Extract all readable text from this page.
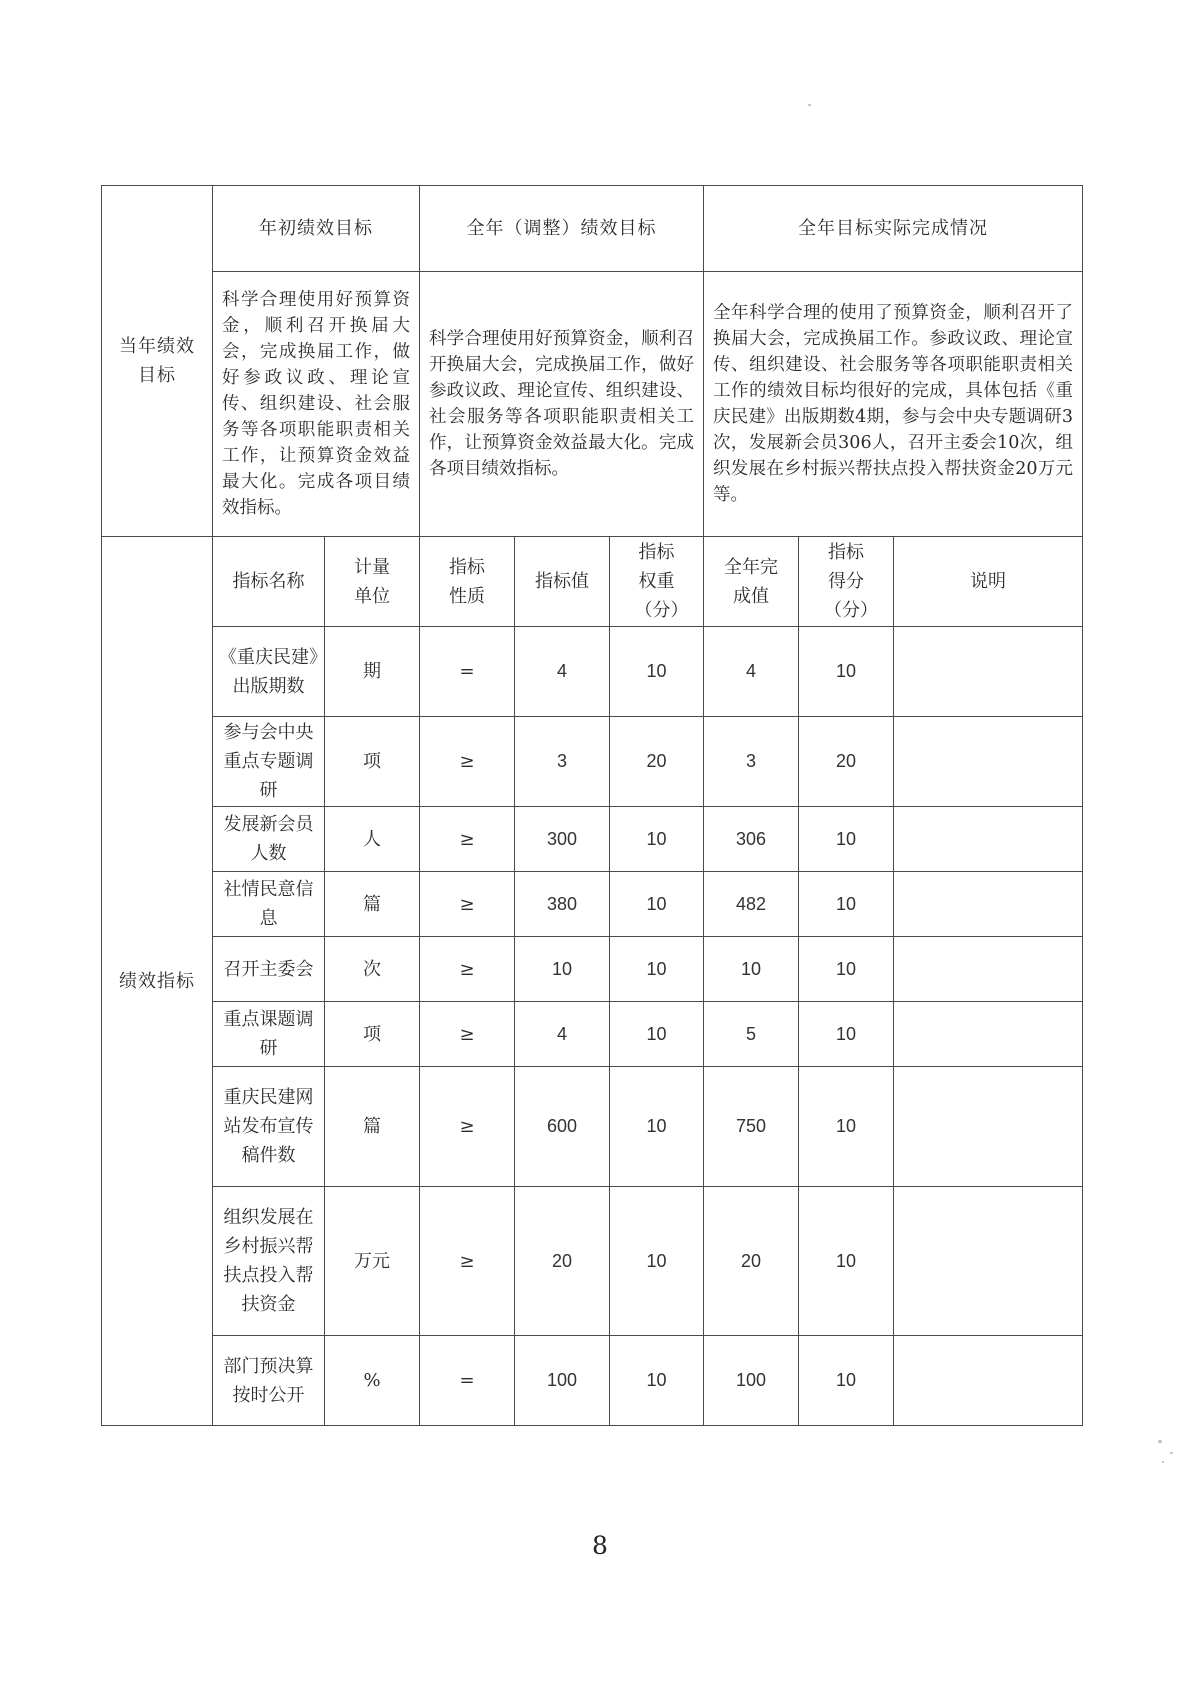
当年绩效目标	年初绩效目标		全年（调整）绩效目标			全年目标实际完成情况		
	科学合理使用好预算资金，顺利召开换届大会，完成换届工作，做好参政议政、理论宣传、组织建设、社会服务等各项职能职责相关工作，让预算资金效益最大化。完成各项目绩效指标。		科学合理使用好预算资金，顺利召开换届大会，完成换届工作，做好参政议政、理论宣传、组织建设、社会服务等各项职能职责相关工作，让预算资金效益最大化。完成各项目绩效指标。			全年科学合理的使用了预算资金，顺利召开了换届大会，完成换届工作。参政议政、理论宣传、组织建设、社会服务等各项职能职责相关工作的绩效目标均很好的完成，具体包括《重庆民建》出版期数4期，参与会中央专题调研3次，发展新会员306人，召开主委会10次，组织发展在乡村振兴帮扶点投入帮扶资金20万元等。		
绩效指标	指标名称	计量单位	指标性质	指标值	指标权重（分）	全年完成值	指标得分（分）	说明
	《重庆民建》出版期数	期	=	4	10	4	10	
	参与会中央重点专题调研	项	≥	3	20	3	20	
	发展新会员人数	人	≥	300	10	306	10	
	社情民意信息	篇	≥	380	10	482	10	
	召开主委会	次	≥	10	10	10	10	
	重点课题调研	项	≥	4	10	5	10	
	重庆民建网站发布宣传稿件数	篇	≥	600	10	750	10	
	组织发展在乡村振兴帮扶点投入帮扶资金	万元	≥	20	10	20	10	
	部门预决算按时公开	%	=	100	10	100	10	
8
